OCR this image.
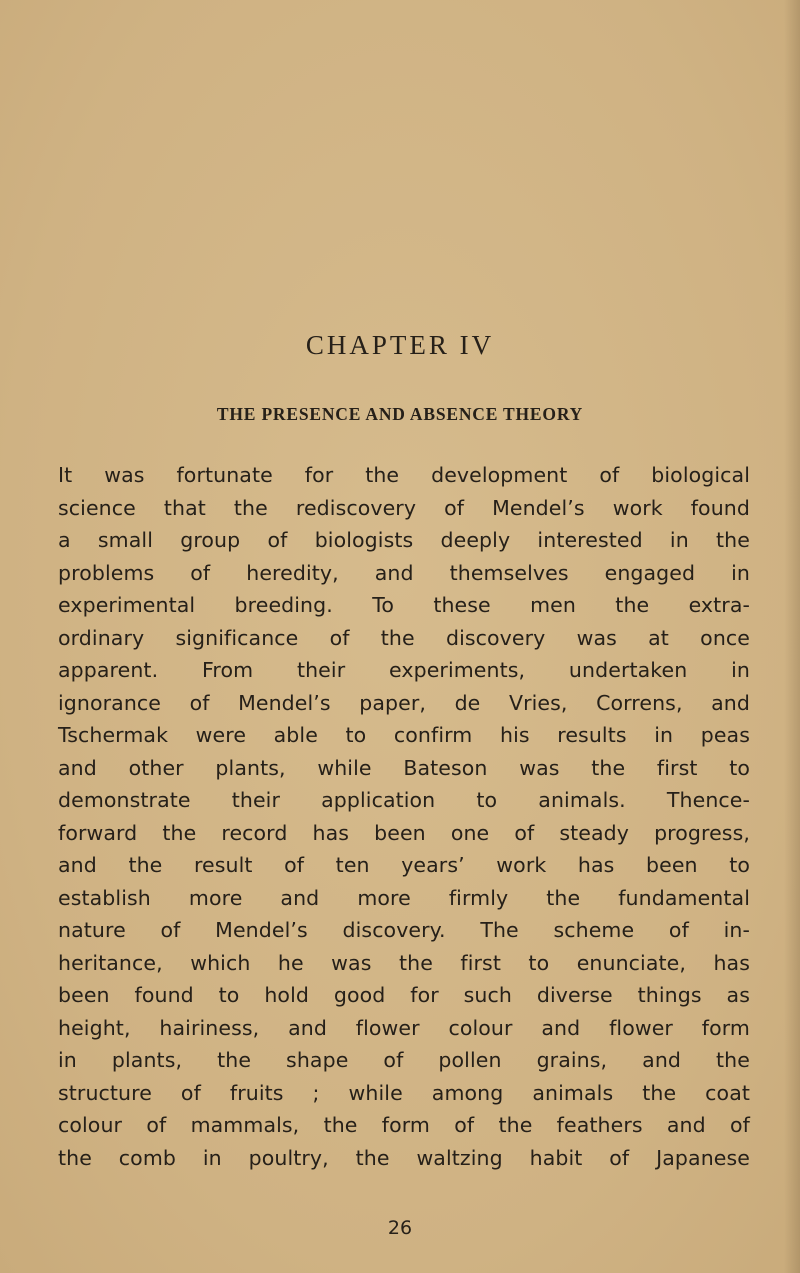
CHAPTER IV
THE PRESENCE AND ABSENCE THEORY
It was fortunate for the development of biological
science that the rediscovery of Mendel’s work found
a small group of biologists deeply interested in the
problems of heredity, and themselves engaged in
experimental breeding. To these men the extra-
ordinary significance of the discovery was at once
apparent. From their experiments, undertaken in
ignorance of Mendel’s paper, de Vries, Correns, and
Tschermak were able to confirm his results in peas
and other plants, while Bateson was the first to
demonstrate their application to animals. Thence-
forward the record has been one of steady progress,
and the result of ten years’ work has been to
establish more and more firmly the fundamental
nature of Mendel’s discovery. The scheme of in-
heritance, which he was the first to enunciate, has
been found to hold good for such diverse things as
height, hairiness, and flower colour and flower form
in plants, the shape of pollen grains, and the
structure of fruits ; while among animals the coat
colour of mammals, the form of the feathers and of
the comb in poultry, the waltzing habit of Japanese
26
